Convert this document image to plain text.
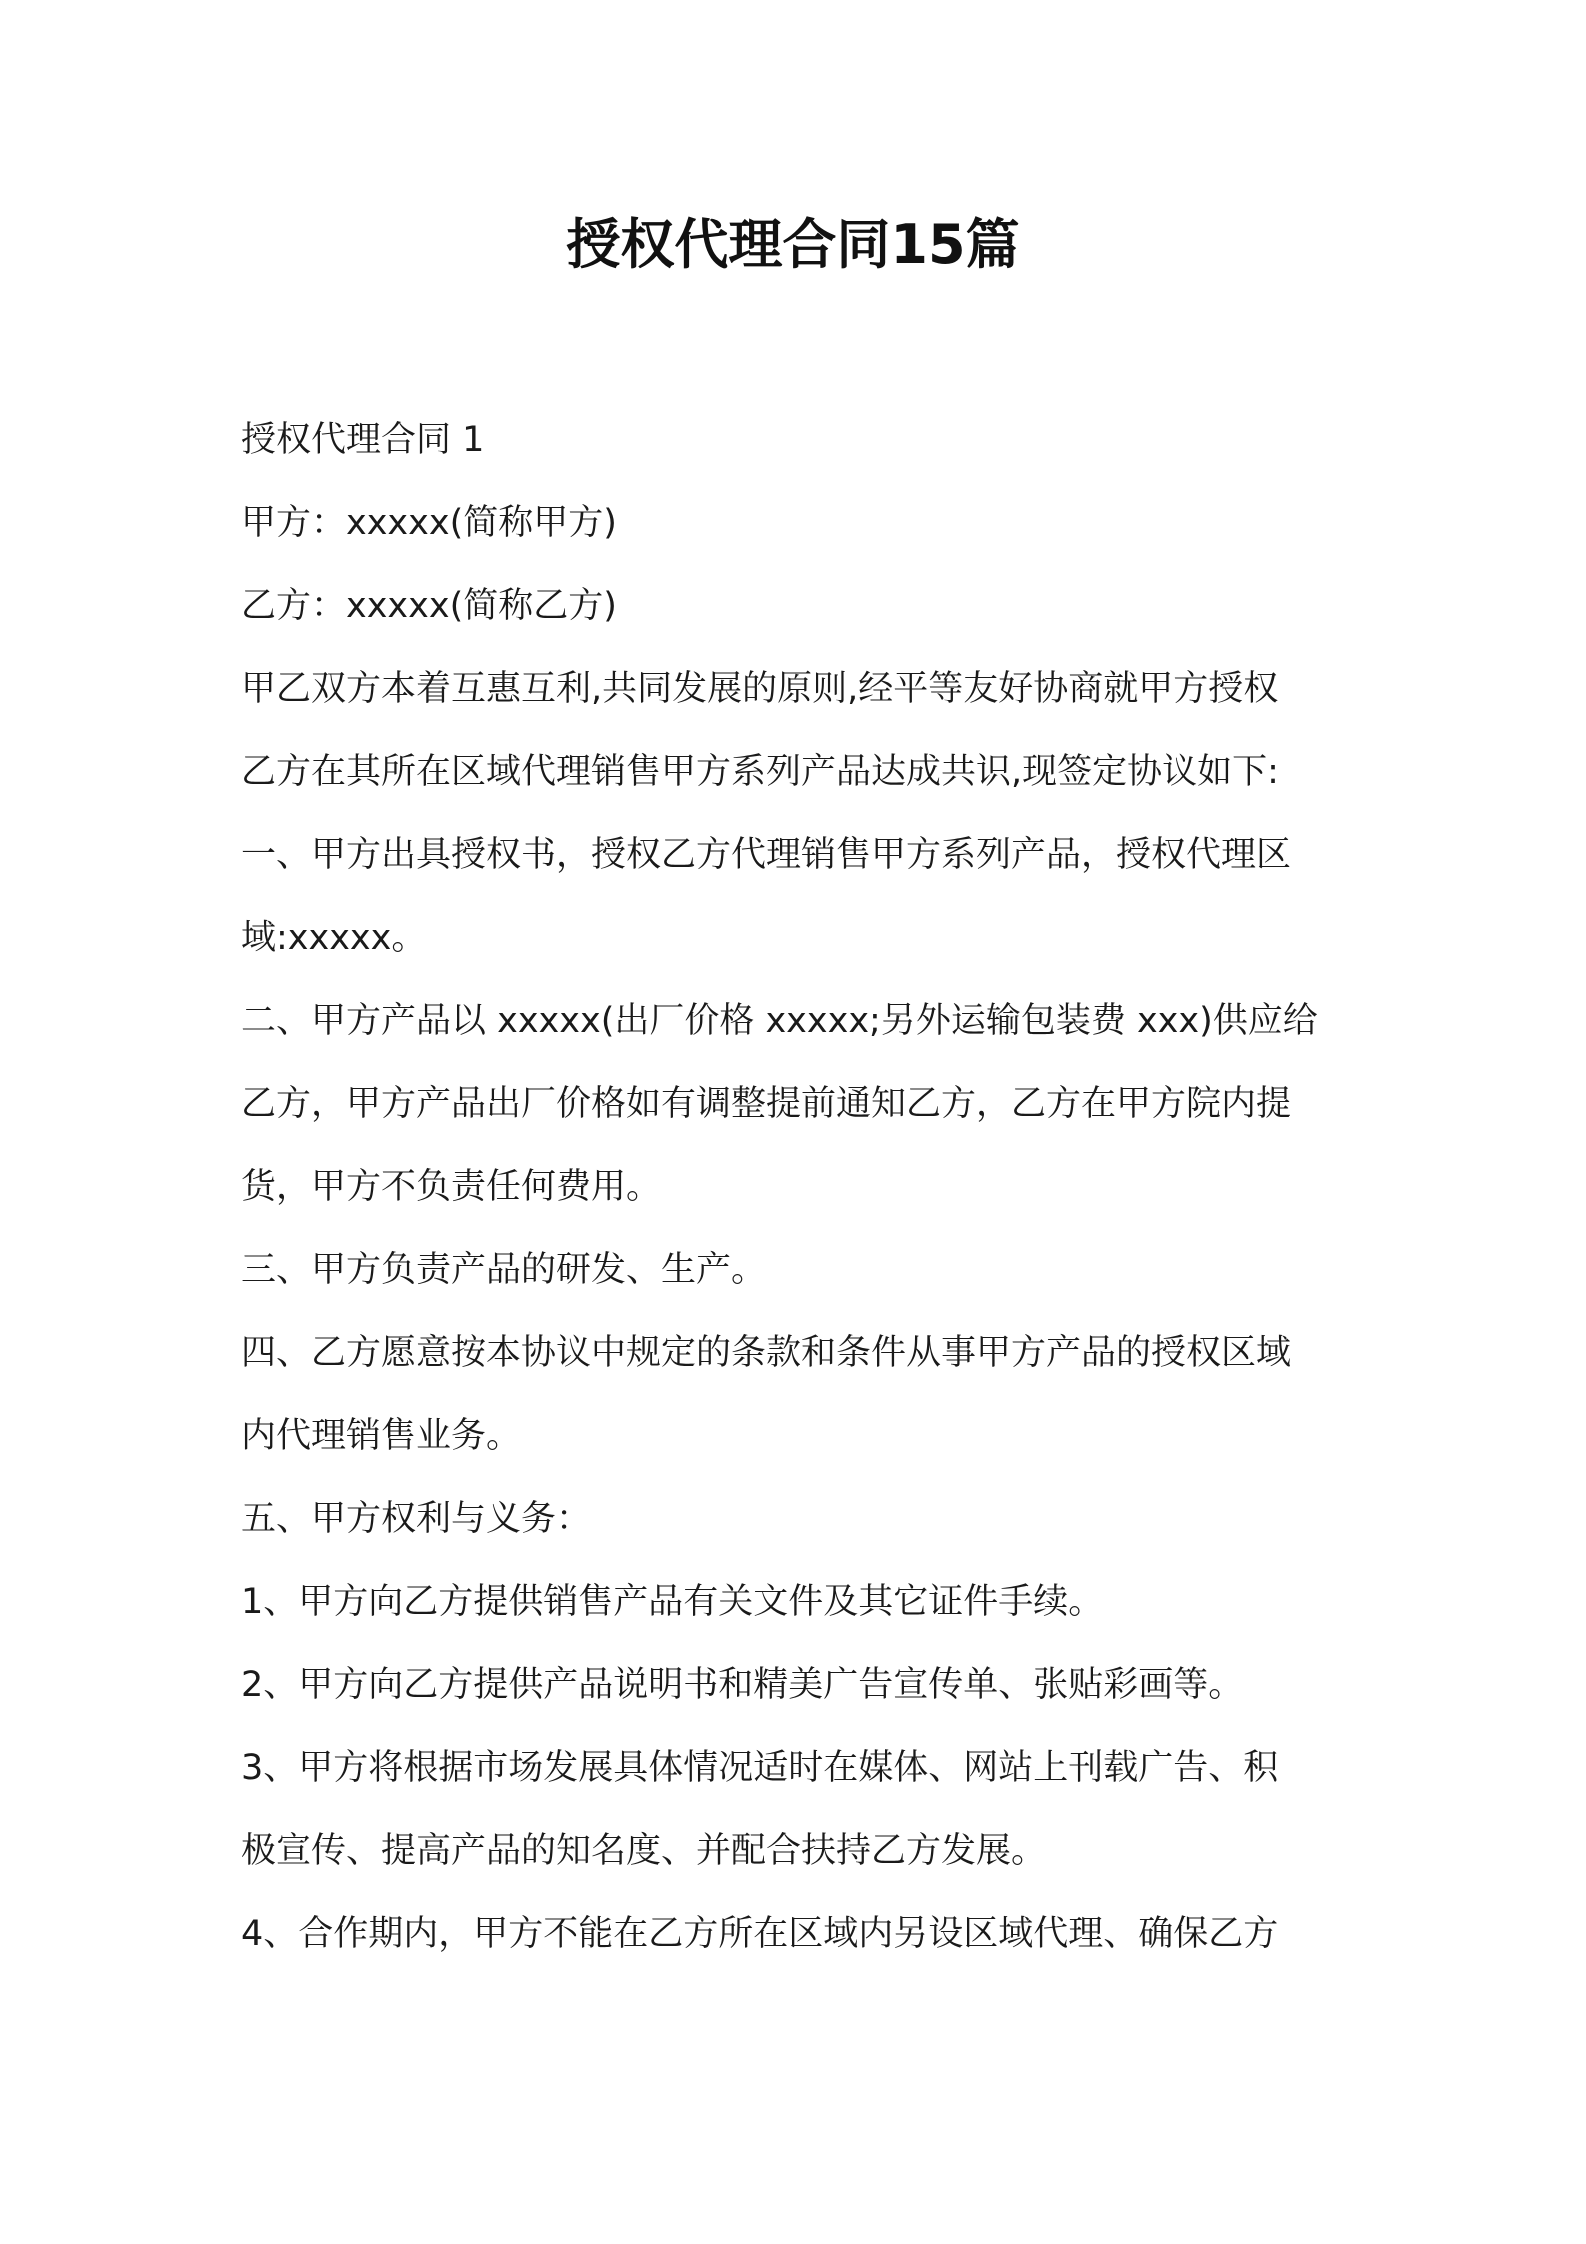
授权代理合同15篇

授权代理合同 1

甲方：xxxxx(简称甲方)

乙方：xxxxx(简称乙方)

甲乙双方本着互惠互利,共同发展的原则,经平等友好协商就甲方授权

乙方在其所在区域代理销售甲方系列产品达成共识,现签定协议如下:

一、甲方出具授权书，授权乙方代理销售甲方系列产品，授权代理区

域:xxxxx。

二、甲方产品以 xxxxx(出厂价格 xxxxx;另外运输包装费 xxx)供应给

乙方，甲方产品出厂价格如有调整提前通知乙方，乙方在甲方院内提

货，甲方不负责任何费用。

三、甲方负责产品的研发、生产。

四、乙方愿意按本协议中规定的条款和条件从事甲方产品的授权区域

内代理销售业务。

五、甲方权利与义务：

1、甲方向乙方提供销售产品有关文件及其它证件手续。

2、甲方向乙方提供产品说明书和精美广告宣传单、张贴彩画等。

3、甲方将根据市场发展具体情况适时在媒体、网站上刊载广告、积

极宣传、提高产品的知名度、并配合扶持乙方发展。

4、合作期内，甲方不能在乙方所在区域内另设区域代理、确保乙方
